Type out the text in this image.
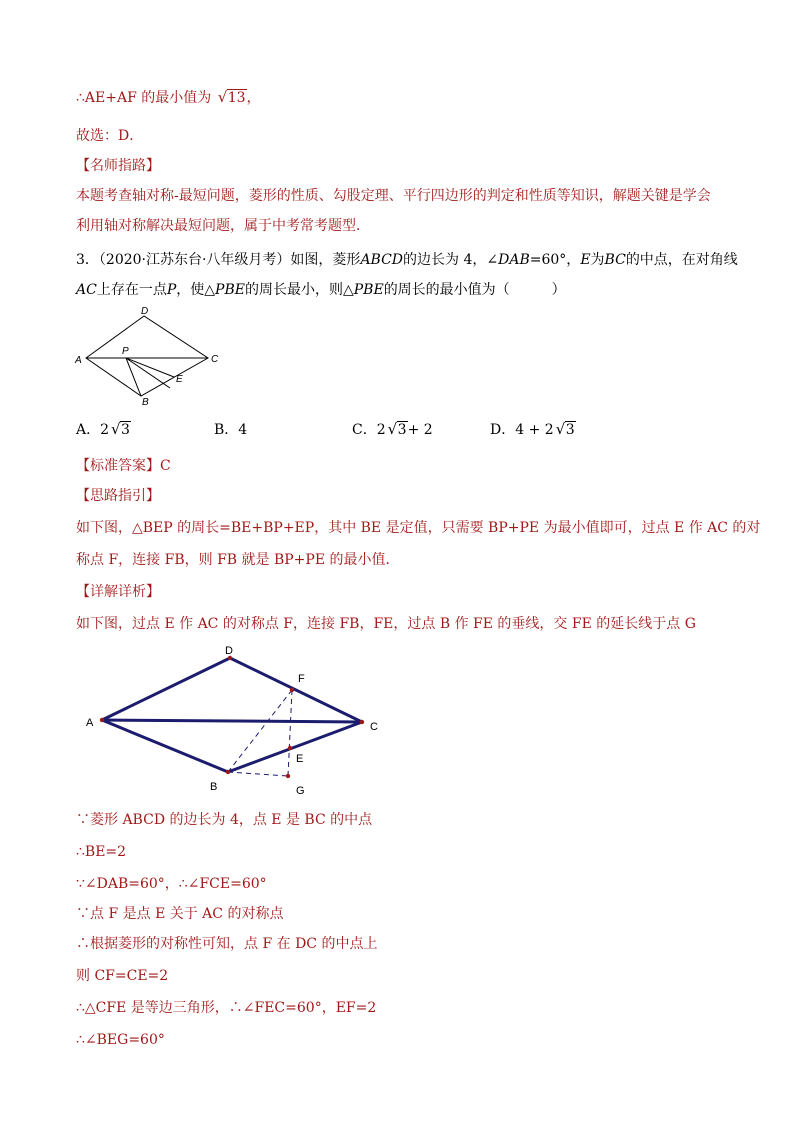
∴AE+AF 的最小值为 √ 13，
故选：D．
【名师指路】
本题考查轴对称-最短问题，菱形的性质、勾股定理、平行四边形的判定和性质等知识，解题关键是学会
利用轴对称解决最短问题，属于中考常考题型．
3．（2020·江苏东台·八年级月考）如图，菱形ABCD的边长为 4，∠DAB=60°，E为BC的中点，在对角线
AC上存在一点P，使△PBE的周长最小，则△PBE的周长的最小值为（　　　）
A
D
C
B
E
P
A．2 √ 3	B．4	C．2 √ 3+ 2	D．4 + 2 √ 3
【标准答案】C
【思路指引】
如下图，△BEP 的周长=BE+BP+EP，其中 BE 是定值，只需要 BP+PE 为最小值即可，过点 E 作 AC 的对
称点 F，连接 FB，则 FB 就是 BP+PE 的最小值．
【详解详析】
如下图，过点 E 作 AC 的对称点 F，连接 FB，FE，过点 B 作 FE 的垂线，交 FE 的延长线于点 G
A
D
C
B
F
E
G
∵菱形 ABCD 的边长为 4，点 E 是 BC 的中点
∴BE=2
∵∠DAB=60°，∴∠FCE=60°
∵点 F 是点 E 关于 AC 的对称点
∴根据菱形的对称性可知，点 F 在 DC 的中点上
则 CF=CE=2
∴△CFE 是等边三角形，∴∠FEC=60°，EF=2
∴∠BEG=60°
